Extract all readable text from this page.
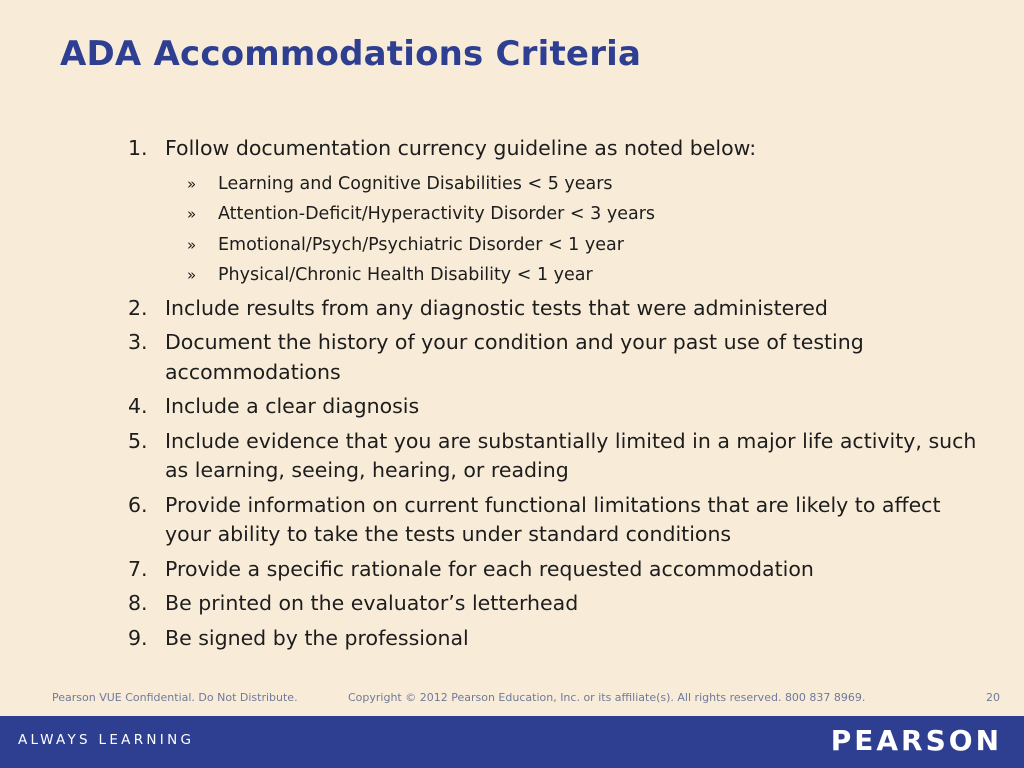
ADA Accommodations Criteria
1. Follow documentation currency guideline as noted below:
» Learning and Cognitive Disabilities < 5 years
» Attention-Deficit/Hyperactivity Disorder < 3 years
» Emotional/Psych/Psychiatric Disorder < 1 year
» Physical/Chronic Health Disability < 1 year
2. Include results from any diagnostic tests that were administered
3. Document the history of your condition and your past use of testing accommodations
4. Include a clear diagnosis
5. Include evidence that you are substantially limited in a major life activity, such as learning, seeing, hearing, or reading
6. Provide information on current functional limitations that are likely to affect your ability to take the tests under standard conditions
7. Provide a specific rationale for each requested accommodation
8. Be printed on the evaluator’s letterhead
9. Be signed by the professional
Pearson VUE Confidential. Do Not Distribute.	Copyright © 2012 Pearson Education, Inc. or its affiliate(s). All rights reserved. 800 837 8969.	20
ALWAYS LEARNING	PEARSON
